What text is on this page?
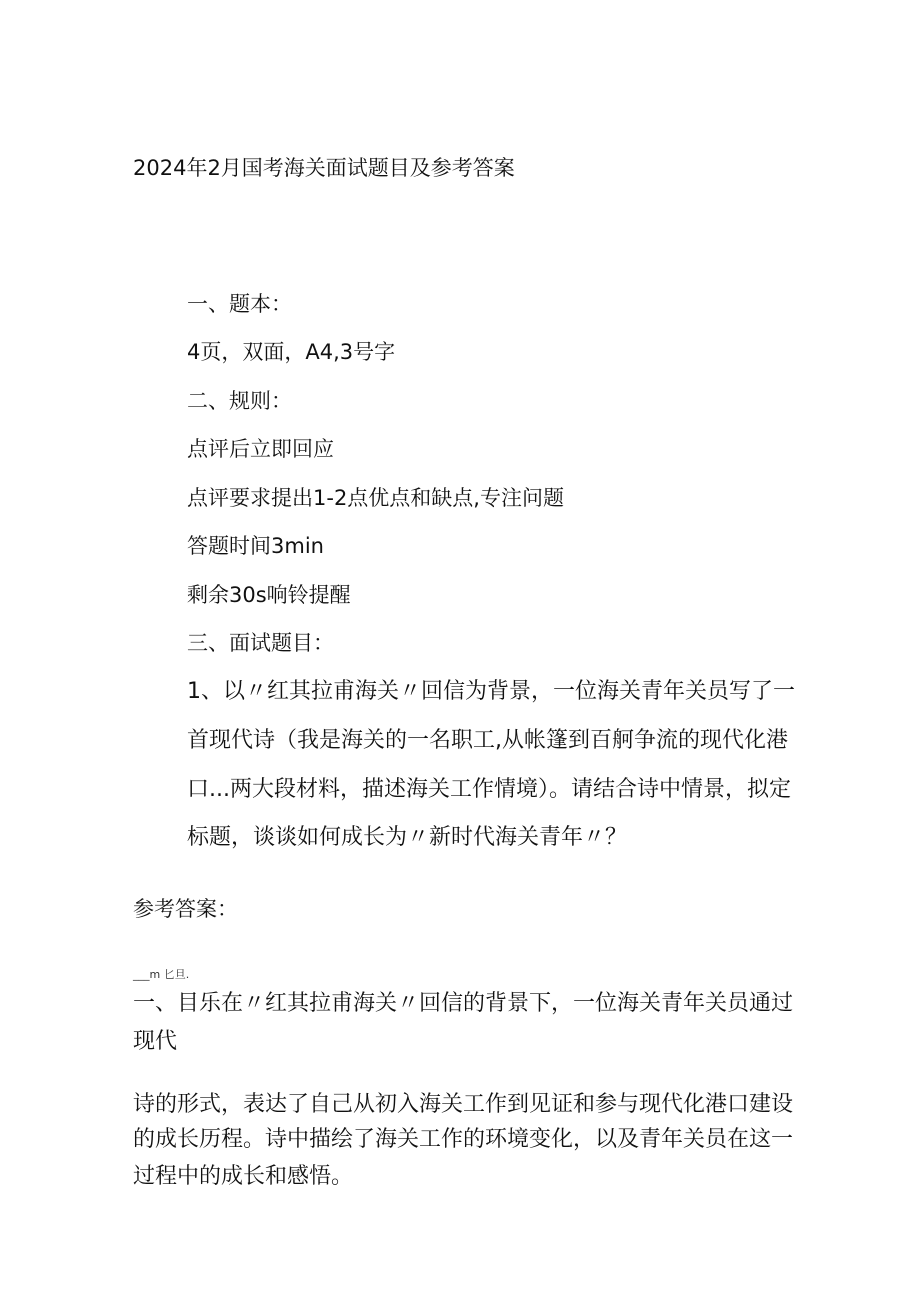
2024年2月国考海关面试题目及参考答案
一、题本：
4页，双面，A4,3号字
二、规则：
点评后立即回应
点评要求提出1-2点优点和缺点,专注问题
答题时间3min
剩余30s响铃提醒
三、面试题目：
1、以〃红其拉甫海关〃回信为背景，一位海关青年关员写了一
首现代诗（我是海关的一名职工,从帐篷到百舸争流的现代化港
口...两大段材料，描述海关工作情境）。请结合诗中情景，拟定
标题，谈谈如何成长为〃新时代海关青年〃？
参考答案：
___m 匕旦.
一、目乐在〃红其拉甫海关〃回信的背景下，一位海关青年关员通过
现代
诗的形式，表达了自己从初入海关工作到见证和参与现代化港口建设
的成长历程。诗中描绘了海关工作的环境变化，以及青年关员在这一
过程中的成长和感悟。
